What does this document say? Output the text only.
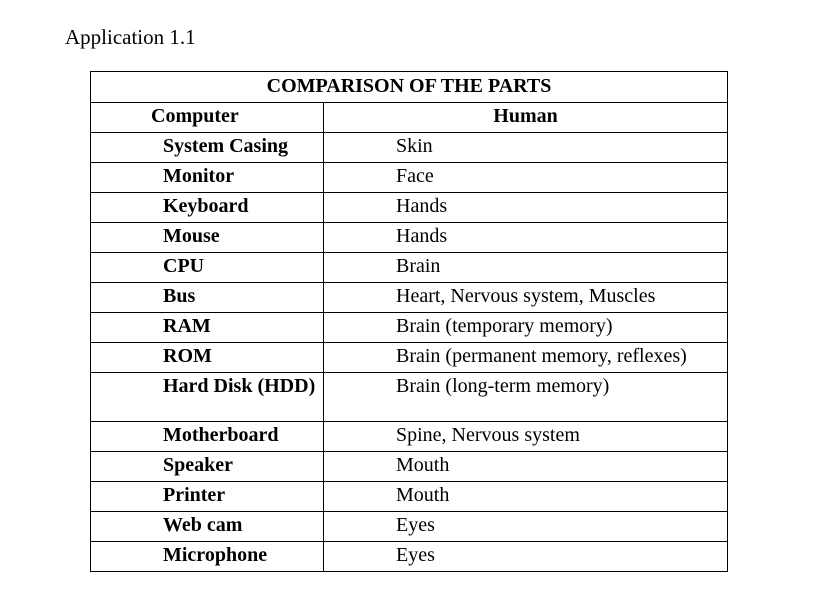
Application 1.1
COMPARISON OF THE PARTS	
Computer	Human
System Casing	Skin
Monitor	Face
Keyboard	Hands
Mouse	Hands
CPU	Brain
Bus	Heart, Nervous system, Muscles
RAM	Brain (temporary memory)
ROM	Brain (permanent memory, reflexes)
Hard Disk (HDD)	Brain (long-term memory)
Motherboard	Spine, Nervous system
Speaker	Mouth
Printer	Mouth
Web cam	Eyes
Microphone	Eyes
